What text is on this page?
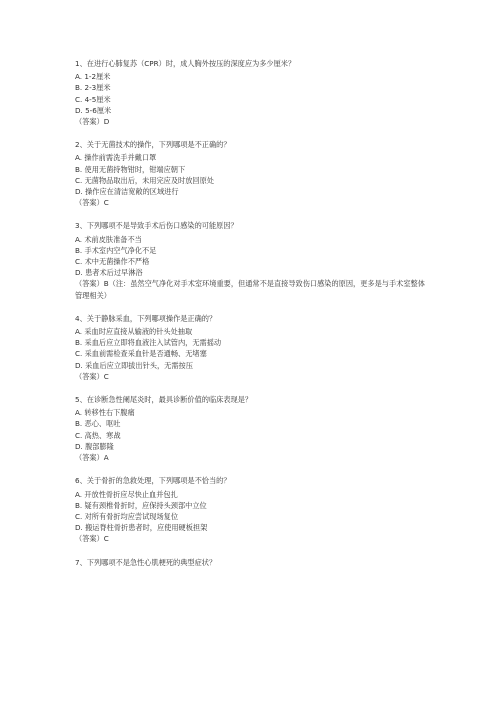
1、在进行心肺复苏（CPR）时，成人胸外按压的深度应为多少厘米？
A. 1-2厘米
B. 2-3厘米
C. 4-5厘米
D. 5-6厘米
（答案）D
2、关于无菌技术的操作，下列哪项是不正确的？
A. 操作前需洗手并戴口罩
B. 使用无菌持物钳时，钳端应朝下
C. 无菌物品取出后，未用完应及时放回原处
D. 操作应在清洁宽敞的区域进行
（答案）C
3、下列哪项不是导致手术后伤口感染的可能原因？
A. 术前皮肤准备不当
B. 手术室内空气净化不足
C. 术中无菌操作不严格
D. 患者术后过早淋浴
（答案）B（注：虽然空气净化对手术室环境重要，但通常不是直接导致伤口感染的原因，更多是与手术室整体管理相关）
4、关于静脉采血，下列哪项操作是正确的？
A. 采血时应直接从输液的针头处抽取
B. 采血后应立即将血液注入试管内，无需摇动
C. 采血前需检查采血针是否通畅、无堵塞
D. 采血后应立即拔出针头，无需按压
（答案）C
5、在诊断急性阑尾炎时，最具诊断价值的临床表现是？
A. 转移性右下腹痛
B. 恶心、呕吐
C. 高热、寒战
D. 腹部膨隆
（答案）A
6、关于骨折的急救处理，下列哪项是不恰当的？
A. 开放性骨折应尽快止血并包扎
B. 疑有颈椎骨折时，应保持头颈部中立位
C. 对所有骨折均应尝试现场复位
D. 搬运脊柱骨折患者时，应使用硬板担架
（答案）C
7、下列哪项不是急性心肌梗死的典型症状？
